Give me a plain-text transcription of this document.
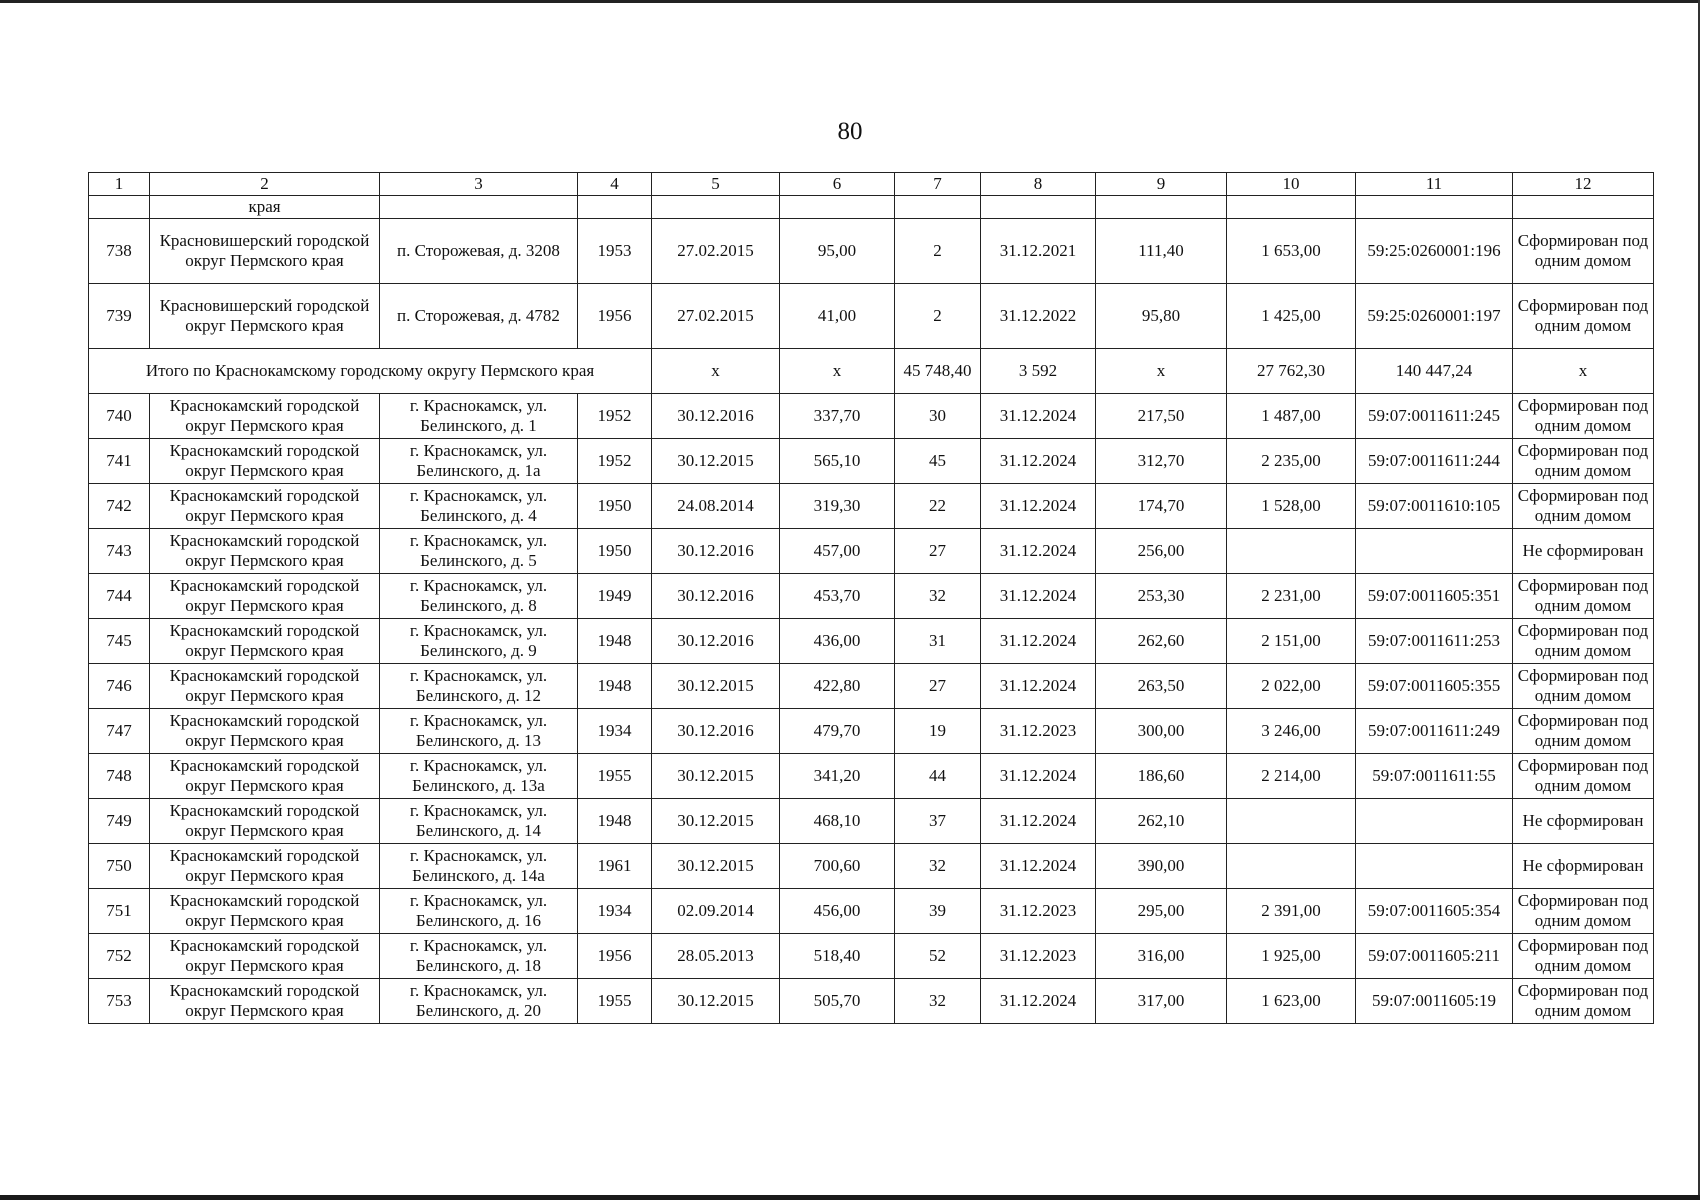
80
1	2	3	4	5	6	7	8	9	10	11	12	
	края											
738	Красновишерский городской округ Пермского края	п. Сторожевая, д. 3208	1953	27.02.2015	95,00	2	31.12.2021	111,40	1 653,00	59:25:0260001:196	Сформирован под одним домом	
739	Красновишерский городской округ Пермского края	п. Сторожевая, д. 4782	1956	27.02.2015	41,00	2	31.12.2022	95,80	1 425,00	59:25:0260001:197	Сформирован под одним домом	
Итого по Краснокамскому городскому округу Пермского края				x	x	45 748,40	3 592	x	27 762,30	140 447,24	x	
740	Краснокамский городской округ Пермского края	г. Краснокамск, ул. Белинского, д. 1	1952	30.12.2016	337,70	30	31.12.2024	217,50	1 487,00	59:07:0011611:245	Сформирован под одним домом	
741	Краснокамский городской округ Пермского края	г. Краснокамск, ул. Белинского, д. 1а	1952	30.12.2015	565,10	45	31.12.2024	312,70	2 235,00	59:07:0011611:244	Сформирован под одним домом	
742	Краснокамский городской округ Пермского края	г. Краснокамск, ул. Белинского, д. 4	1950	24.08.2014	319,30	22	31.12.2024	174,70	1 528,00	59:07:0011610:105	Сформирован под одним домом	
743	Краснокамский городской округ Пермского края	г. Краснокамск, ул. Белинского, д. 5	1950	30.12.2016	457,00	27	31.12.2024	256,00			Не сформирован	
744	Краснокамский городской округ Пермского края	г. Краснокамск, ул. Белинского, д. 8	1949	30.12.2016	453,70	32	31.12.2024	253,30	2 231,00	59:07:0011605:351	Сформирован под одним домом	
745	Краснокамский городской округ Пермского края	г. Краснокамск, ул. Белинского, д. 9	1948	30.12.2016	436,00	31	31.12.2024	262,60	2 151,00	59:07:0011611:253	Сформирован под одним домом	
746	Краснокамский городской округ Пермского края	г. Краснокамск, ул. Белинского, д. 12	1948	30.12.2015	422,80	27	31.12.2024	263,50	2 022,00	59:07:0011605:355	Сформирован под одним домом	
747	Краснокамский городской округ Пермского края	г. Краснокамск, ул. Белинского, д. 13	1934	30.12.2016	479,70	19	31.12.2023	300,00	3 246,00	59:07:0011611:249	Сформирован под одним домом	
748	Краснокамский городской округ Пермского края	г. Краснокамск, ул. Белинского, д. 13а	1955	30.12.2015	341,20	44	31.12.2024	186,60	2 214,00	59:07:0011611:55	Сформирован под одним домом	
749	Краснокамский городской округ Пермского края	г. Краснокамск, ул. Белинского, д. 14	1948	30.12.2015	468,10	37	31.12.2024	262,10			Не сформирован	
750	Краснокамский городской округ Пермского края	г. Краснокамск, ул. Белинского, д. 14а	1961	30.12.2015	700,60	32	31.12.2024	390,00			Не сформирован	
751	Краснокамский городской округ Пермского края	г. Краснокамск, ул. Белинского, д. 16	1934	02.09.2014	456,00	39	31.12.2023	295,00	2 391,00	59:07:0011605:354	Сформирован под одним домом	
752	Краснокамский городской округ Пермского края	г. Краснокамск, ул. Белинского, д. 18	1956	28.05.2013	518,40	52	31.12.2023	316,00	1 925,00	59:07:0011605:211	Сформирован под одним домом	
753	Краснокамский городской округ Пермского края	г. Краснокамск, ул. Белинского, д. 20	1955	30.12.2015	505,70	32	31.12.2024	317,00	1 623,00	59:07:0011605:19	Сформирован под одним домом	
